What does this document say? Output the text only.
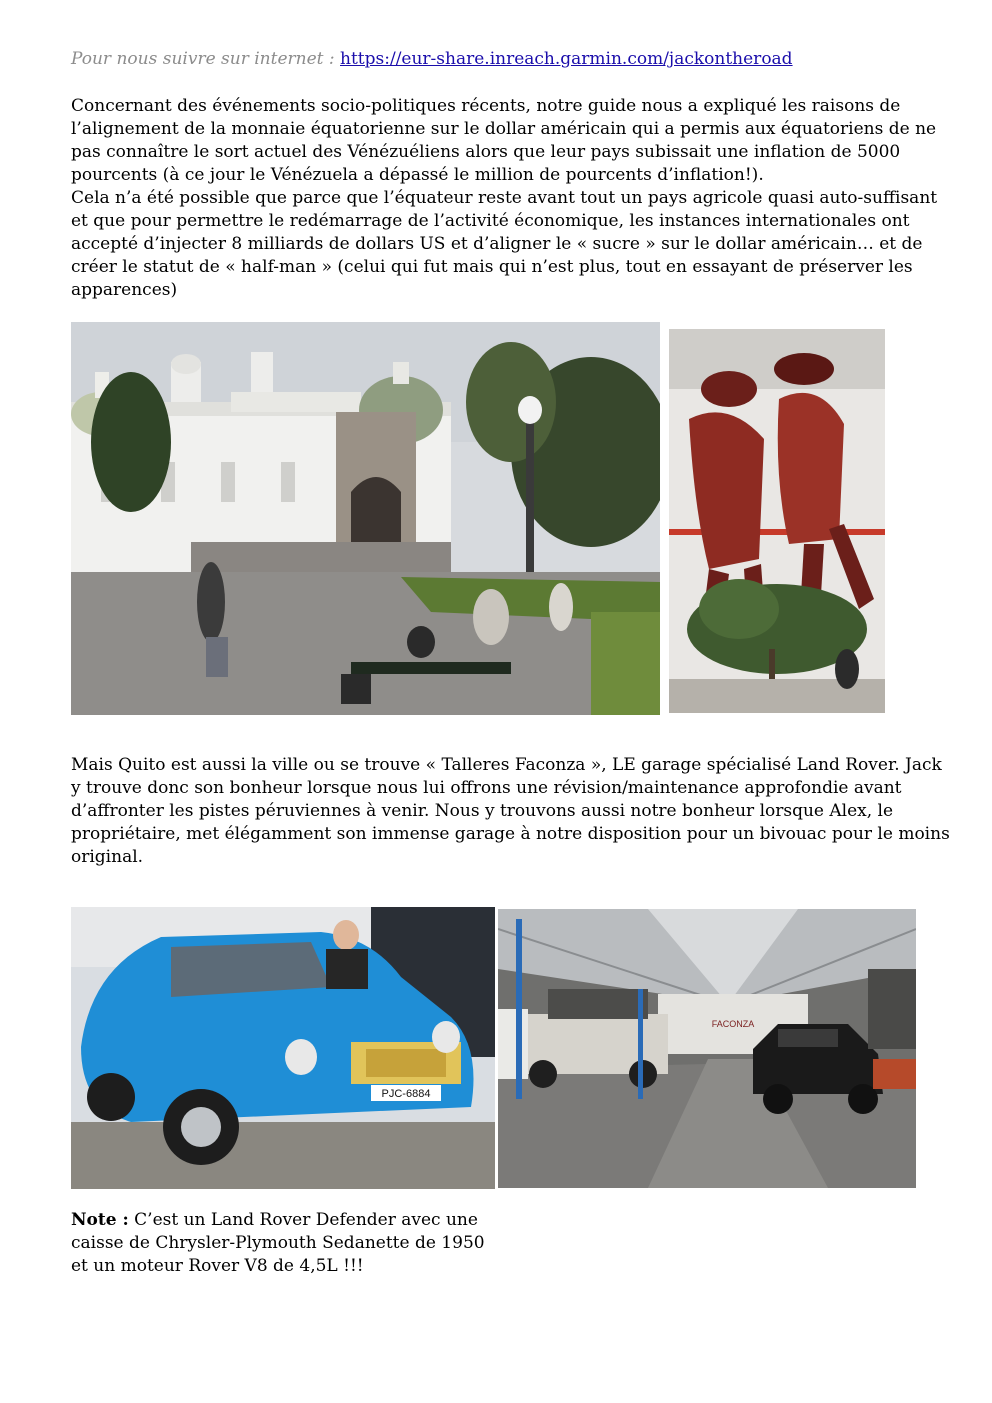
Pour nous suivre sur internet : https://eur-share.inreach.garmin.com/jackontheroad
Concernant des événements socio-politiques récents, notre guide nous a expliqué les raisons de l’alignement de la monnaie équatorienne sur le dollar américain qui a permis aux équatoriens de ne pas connaître le sort actuel des Vénézuéliens alors que leur pays subissait une inflation de 5000 pourcents (à ce jour le Vénézuela a dépassé le million de pourcents d’inflation!).
Cela n’a été possible que parce que l’équateur reste avant tout un pays agricole quasi auto-suffisant et que pour permettre le redémarrage de l’activité économique, les instances internationales ont accepté d’injecter 8 milliards de dollars US et d’aligner le « sucre » sur le dollar américain… et de créer le statut de « half-man » (celui qui fut mais qui n’est plus, tout en essayant de préserver les apparences)
Mais Quito est aussi la ville ou se trouve « Talleres Faconza », LE garage spécialisé Land Rover. Jack y trouve donc son bonheur lorsque nous lui offrons une révision/maintenance approfondie avant d’affronter les pistes péruviennes à venir. Nous y trouvons aussi notre bonheur lorsque Alex, le propriétaire, met élégamment son immense garage à notre disposition pour un bivouac pour le moins original.
PJC-6884
FACONZA
Note : C’est un Land Rover Defender avec une caisse de Chrysler-Plymouth Sedanette de 1950 et un moteur Rover V8 de 4,5L !!!
